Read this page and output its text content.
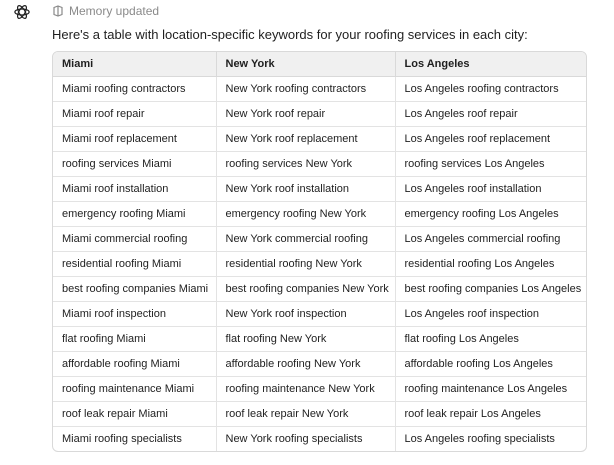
Memory updated
Here's a table with location-specific keywords for your roofing services in each city:
Miami	New York	Los Angeles
Miami roofing contractors	New York roofing contractors	Los Angeles roofing contractors
Miami roof repair	New York roof repair	Los Angeles roof repair
Miami roof replacement	New York roof replacement	Los Angeles roof replacement
roofing services Miami	roofing services New York	roofing services Los Angeles
Miami roof installation	New York roof installation	Los Angeles roof installation
emergency roofing Miami	emergency roofing New York	emergency roofing Los Angeles
Miami commercial roofing	New York commercial roofing	Los Angeles commercial roofing
residential roofing Miami	residential roofing New York	residential roofing Los Angeles
best roofing companies Miami	best roofing companies New York	best roofing companies Los Angeles
Miami roof inspection	New York roof inspection	Los Angeles roof inspection
flat roofing Miami	flat roofing New York	flat roofing Los Angeles
affordable roofing Miami	affordable roofing New York	affordable roofing Los Angeles
roofing maintenance Miami	roofing maintenance New York	roofing maintenance Los Angeles
roof leak repair Miami	roof leak repair New York	roof leak repair Los Angeles
Miami roofing specialists	New York roofing specialists	Los Angeles roofing specialists
